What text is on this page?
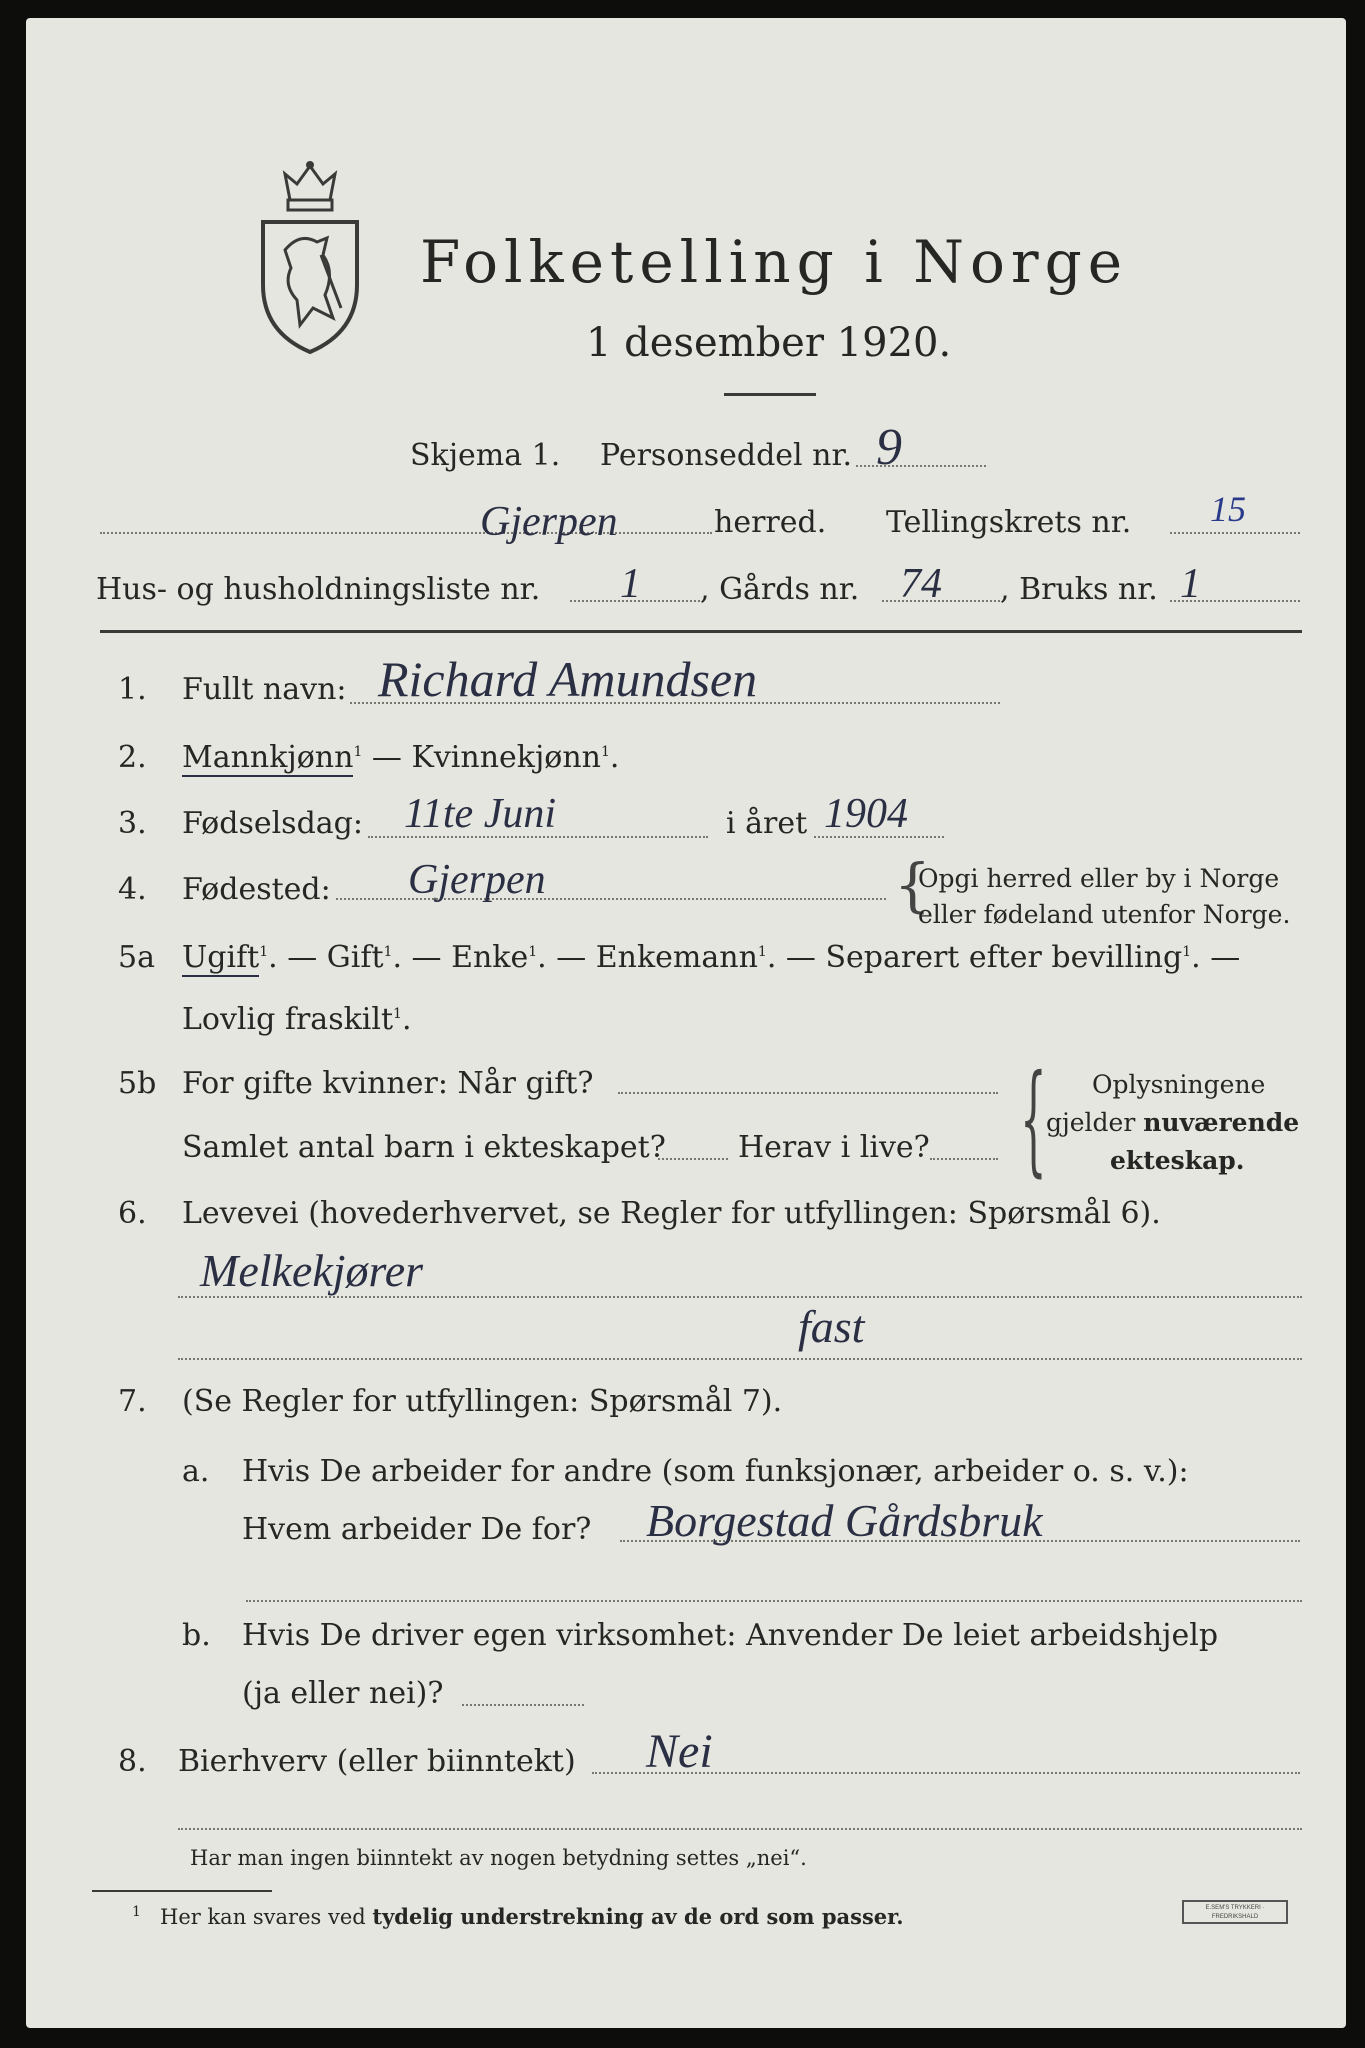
Folketelling i Norge
1 desember 1920.
Skjema 1. Personseddel nr. 9
Gjerpen	herred. Tellingskrets nr. 15
Hus- og husholdningsliste nr. 1 , Gårds nr. 74 , Bruks nr. 1
1. Fullt navn: Richard Amundsen
2. Mannkjønn$^1$ — Kvinnekjønn$^1$.
3. Fødselsdag: 11te Juni	i året 1904
4. Fødested: Gjerpen	{
Opgi herred eller by i Norge
eller fødeland utenfor Norge.
5a Ugift$^1$. — Gift$^1$. — Enke$^1$. — Enkemann$^1$. — Separert efter bevilling$^1$. —
Lovlig fraskilt$^1$.
5b For gifte kvinner: Når gift?
Samlet antal barn i ekteskapet? Herav i live? { Oplysningene
gjelder nuværende
ekteskap.
6. Levevei (hovederhvervet, se Regler for utfyllingen: Spørsmål 6).
Melkekjører
fast
7. (Se Regler for utfyllingen: Spørsmål 7).
a. Hvis De arbeider for andre (som funksjonær, arbeider o. s. v.):
Hvem arbeider De for? Borgestad Gårdsbruk
b. Hvis De driver egen virksomhet: Anvender De leiet arbeidshjelp
(ja eller nei)?
8. Bierhverv (eller biinntekt) Nei
Har man ingen biinntekt av nogen betydning settes „nei“.
1 Her kan svares ved tydelig understrekning av de ord som passer.	E.SEM'S TRYKKERI · FREDRIKSHALD
